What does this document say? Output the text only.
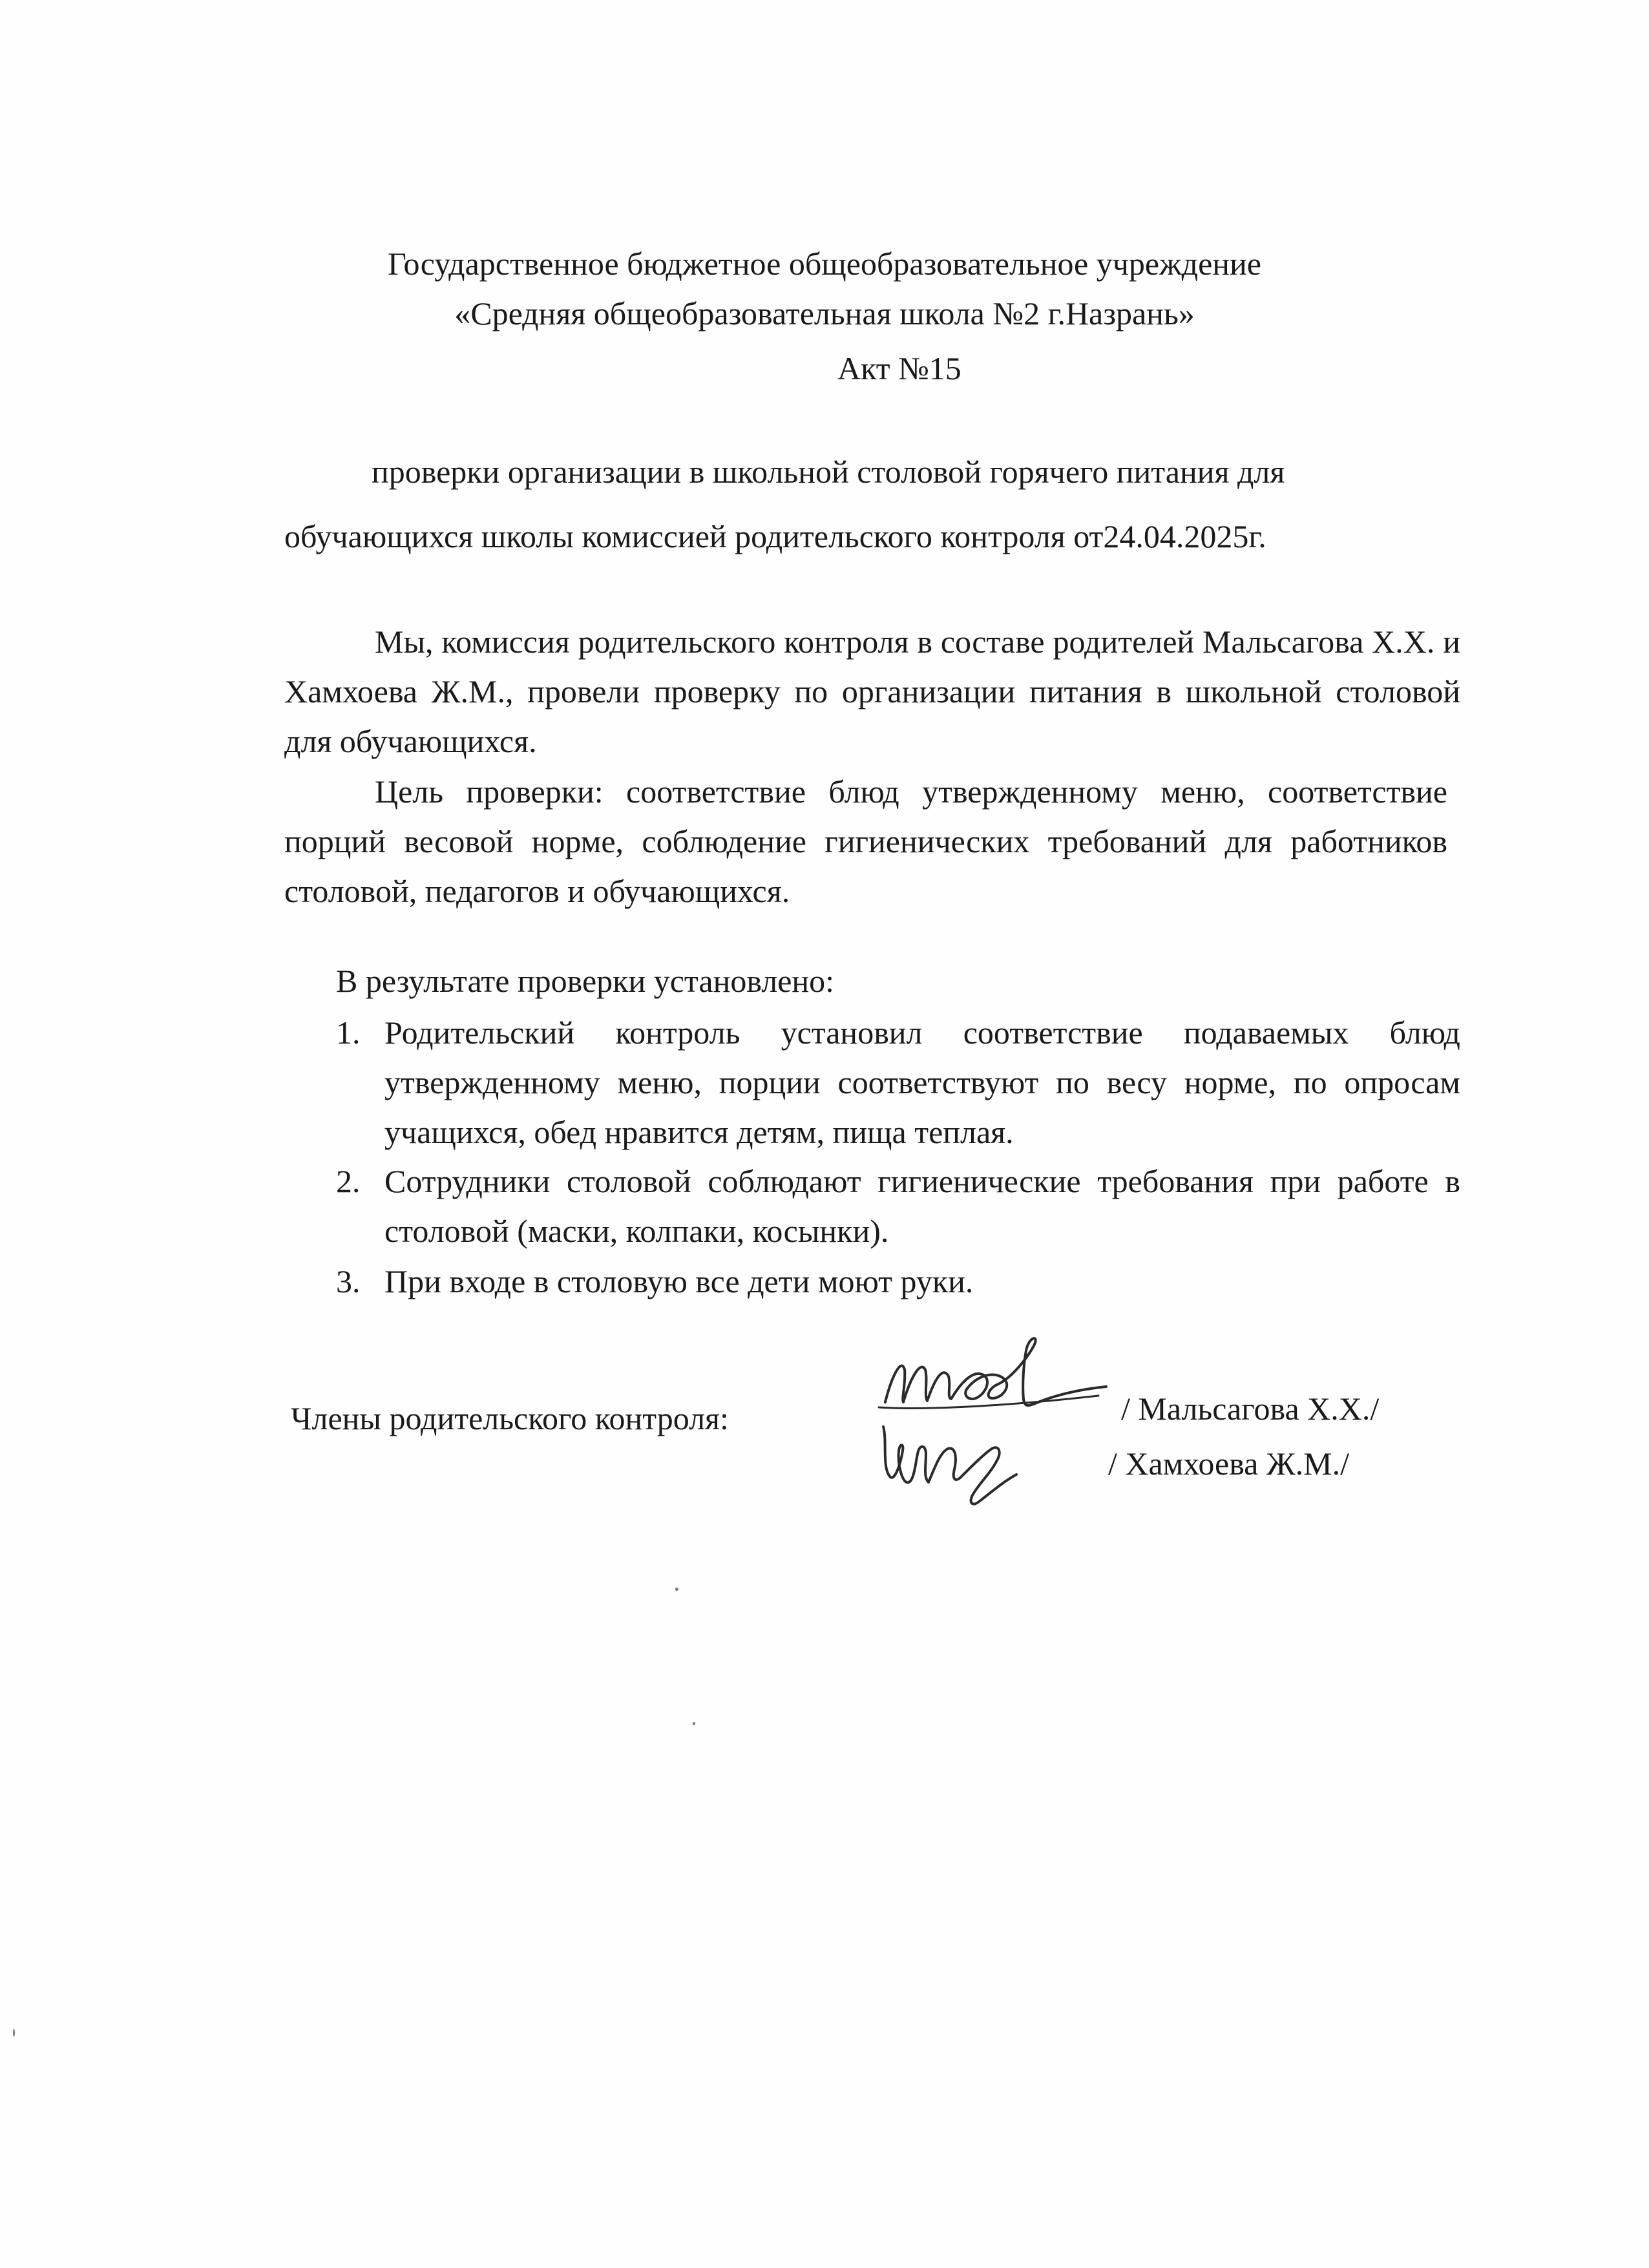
Государственное бюджетное общеобразовательное учреждение
«Средняя общеобразовательная школа №2 г.Назрань»
Акт №15
проверки организации в школьной столовой горячего питания для
обучающихся школы комиссией родительского контроля от24.04.2025г.
Мы, комиссия родительского контроля в составе родителей Мальсагова Х.Х. и Хамхоева Ж.М., провели проверку по организации питания в школьной столовой для обучающихся.
Цель проверки: соответствие блюд утвержденному меню, соответствие порций весовой норме, соблюдение гигиенических требований для работников столовой, педагогов и обучающихся.
В результате проверки установлено:
1. Родительский контроль установил соответствие подаваемых блюд утвержденному меню, порции соответствуют по весу норме, по опросам учащихся, обед нравится детям, пища теплая.
2. Сотрудники столовой соблюдают гигиенические требования при работе в столовой (маски, колпаки, косынки).
3. При входе в столовую все дети моют руки.
Члены родительского контроля:	/ Мальсагова Х.Х./
/ Хамхоева Ж.М./
